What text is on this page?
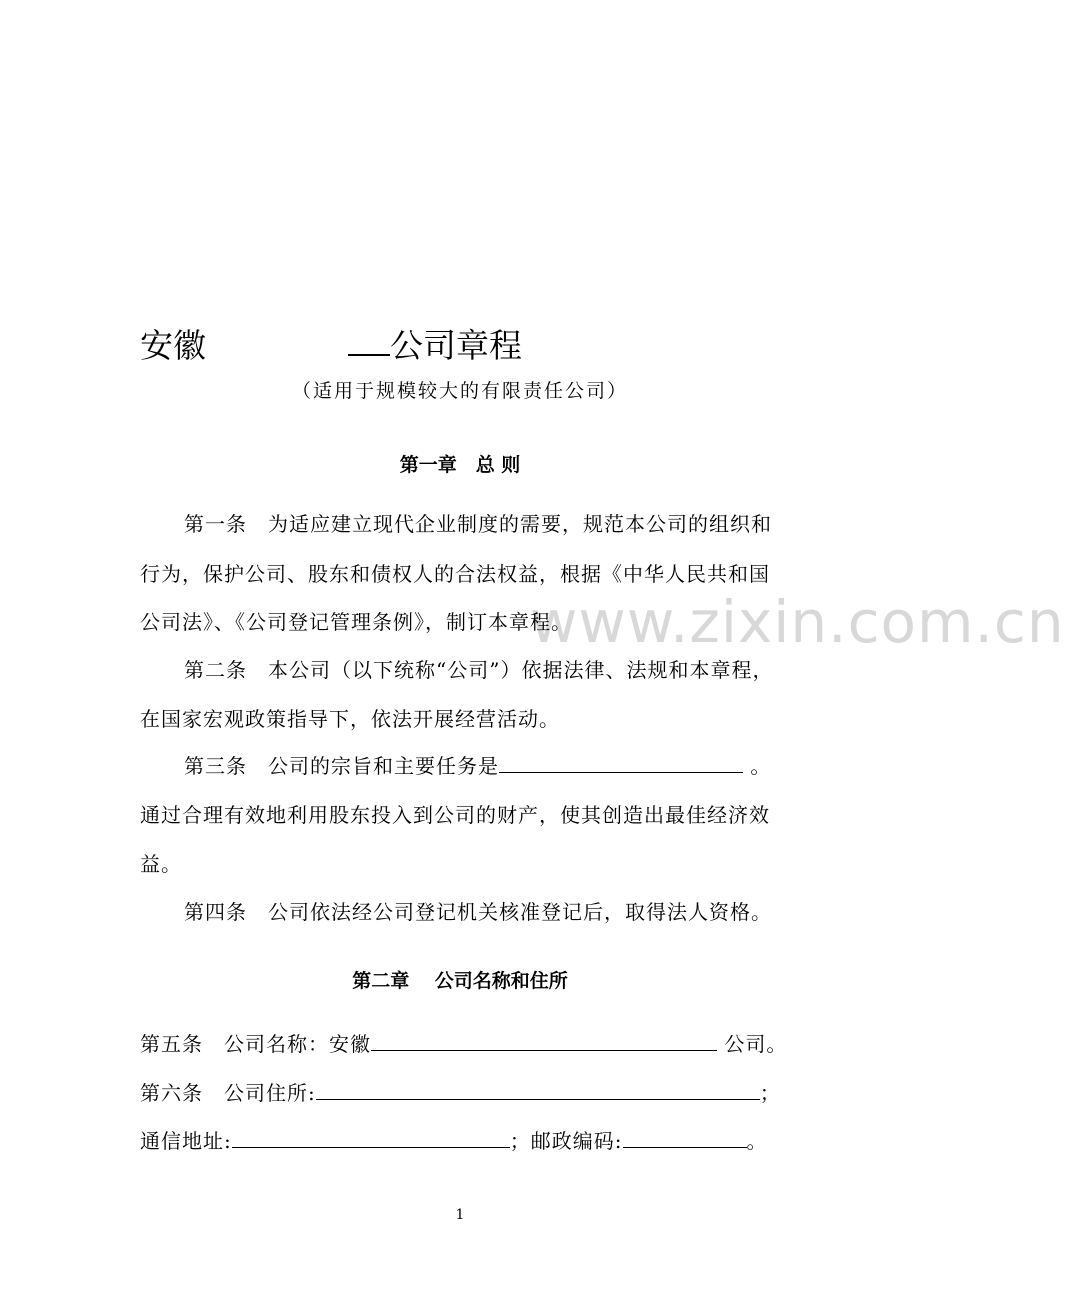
www.zixin.com.cn
安徽	公司章程
（适用于规模较大的有限责任公司）
第一章　总 则
第一条　为适应建立现代企业制度的需要，规范本公司的组织和
行为，保护公司、股东和债权人的合法权益，根据《中华人民共和国
公司法》、《公司登记管理条例》，制订本章程。
第二条　本公司（以下统称“公司”）依据法律、法规和本章程，
在国家宏观政策指导下，依法开展经营活动。
第三条　公司的宗旨和主要任务是	。
通过合理有效地利用股东投入到公司的财产，使其创造出最佳经济效
益。
第四条　公司依法经公司登记机关核准登记后，取得法人资格。
第二章　 公司名称和住所
第五条　公司名称：安徽	公司。
第六条　公司住所:	；
通信地址:	；邮政编码:	。
1
